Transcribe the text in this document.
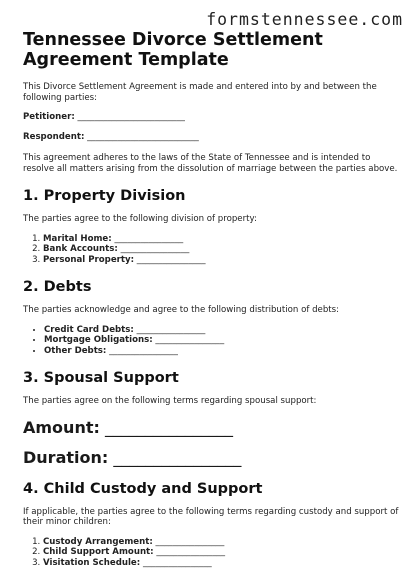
formstennessee.com
Tennessee Divorce Settlement Agreement Template

This Divorce Settlement Agreement is made and entered into by and between the following parties:

Petitioner: _________________________
Respondent: __________________________

This agreement adheres to the laws of the State of Tennessee and is intended to resolve all matters arising from the dissolution of marriage between the parties above.

1. Property Division

The parties agree to the following division of property:

1. Marital Home: ________________
2. Bank Accounts: ________________
3. Personal Property: ________________
2. Debts

The parties acknowledge and agree to the following distribution of debts:

• Credit Card Debts: ________________
• Mortgage Obligations: ________________
• Other Debts: ________________
3. Spousal Support

The parties agree on the following terms regarding spousal support:

Amount: ________________
Duration: ________________
4. Child Custody and Support

If applicable, the parties agree to the following terms regarding custody and support of their minor children:

1. Custody Arrangement: ________________
2. Child Support Amount: ________________
3. Visitation Schedule: ________________
